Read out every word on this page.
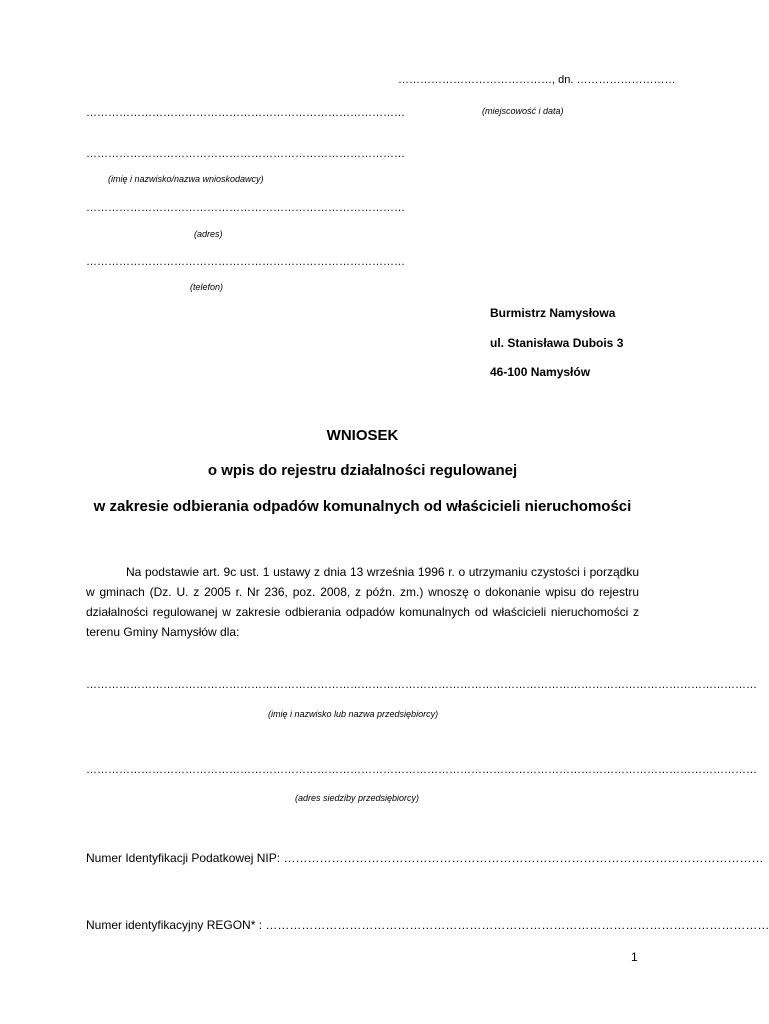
……………………………………, dn. ………………………
(miejscowość i data)
……………………………………………………………………………
……………………………………………………………………………
(imię i nazwisko/nazwa wnioskodawcy)
……………………………………………………………………………
(adres)
……………………………………………………………………………
(telefon)
Burmistrz Namysłowa
ul. Stanisława Dubois 3
46-100 Namysłów
WNIOSEK
o wpis do rejestru działalności regulowanej
w zakresie odbierania odpadów komunalnych od właścicieli nieruchomości
Na podstawie art. 9c ust. 1 ustawy z dnia 13 września 1996 r. o utrzymaniu czystości i porządku w gminach (Dz. U. z 2005 r. Nr 236, poz. 2008, z późn. zm.) wnoszę o dokonanie wpisu do rejestru działalności regulowanej w zakresie odbierania odpadów komunalnych od właścicieli nieruchomości z terenu Gminy Namysłów dla:
…………………………………………………………………………………………………………………………………………………………………
(imię i nazwisko lub nazwa przedsiębiorcy)
…………………………………………………………………………………………………………………………………………………………………
(adres siedziby przedsiębiorcy)
Numer Identyfikacji Podatkowej NIP: …………………………………………………………………………………………………………
Numer identyfikacyjny REGON* : ………………………………………………………………………………………………………………
1
